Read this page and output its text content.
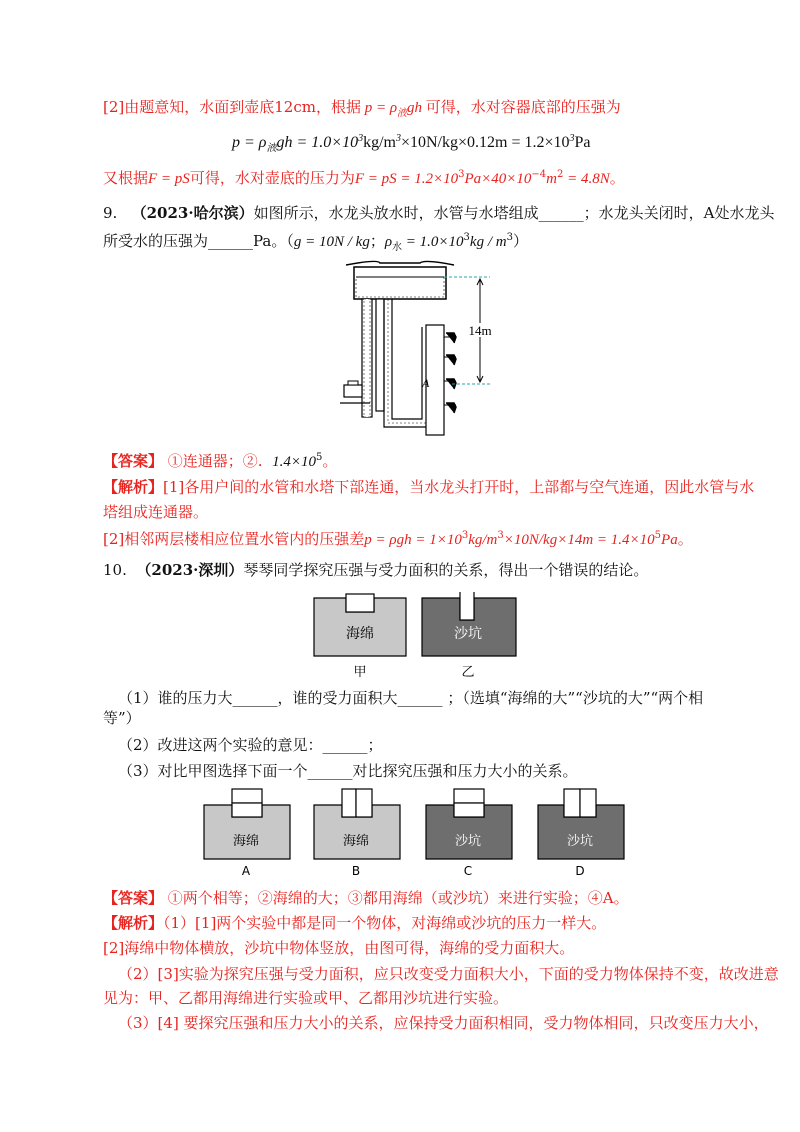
[2]由题意知，水面到壶底12cm，根据 $p = \rho_液gh$ 可得，水对容器底部的压强为
$p = \rho_液gh = 1.0\times 10^3kg/m^3\times 10N/kg\times 0.12m = 1.2\times 10^3Pa$
又根据F = pS可得，水对壶底的压力为F = pS = $1.2\times 10^3Pa\times 40\times 10^{-4}m^2 = 4.8N$。
9. （2023·哈尔滨）如图所示，水龙头放水时，水管与水塔组成______；水龙头关闭时，A处水龙头
所受水的压强为______Pa。（g = 10N / kg；$\rho_水 = 1.0\times 10^3kg / m^3$）
14m
A
【答案】 ①连通器；②. $1.4\times 10^5$。
【解析】[1]各用户间的水管和水塔下部连通，当水龙头打开时，上部都与空气连通，因此水管与水
塔组成连通器。
[2]相邻两层楼相应位置水管内的压强差$p = \rho gh = 1\times 10^3kg/m^3\times 10N/kg\times 14m = 1.4\times 10^5Pa$。
10. （2023·深圳）琴琴同学探究压强与受力面积的关系，得出一个错误的结论。
海绵	沙坑
甲	乙
（1）谁的压力大______，谁的受力面积大______ ；（选填“海绵的大”“沙坑的大”“两个相
等”）
（2）改进这两个实验的意见：______；
（3）对比甲图选择下面一个______对比探究压强和压力大小的关系。
海绵
A
海绵
B
沙坑
C
沙坑
D
【答案】 ①两个相等；②海绵的大；③都用海绵（或沙坑）来进行实验；④A。
【解析】（1）[1]两个实验中都是同一个物体，对海绵或沙坑的压力一样大。
[2]海绵中物体横放，沙坑中物体竖放，由图可得，海绵的受力面积大。
（2）[3]实验为探究压强与受力面积，应只改变受力面积大小，下面的受力物体保持不变，故改进意
见为：甲、乙都用海绵进行实验或甲、乙都用沙坑进行实验。
（3）[4] 要探究压强和压力大小的关系，应保持受力面积相同，受力物体相同，只改变压力大小，
